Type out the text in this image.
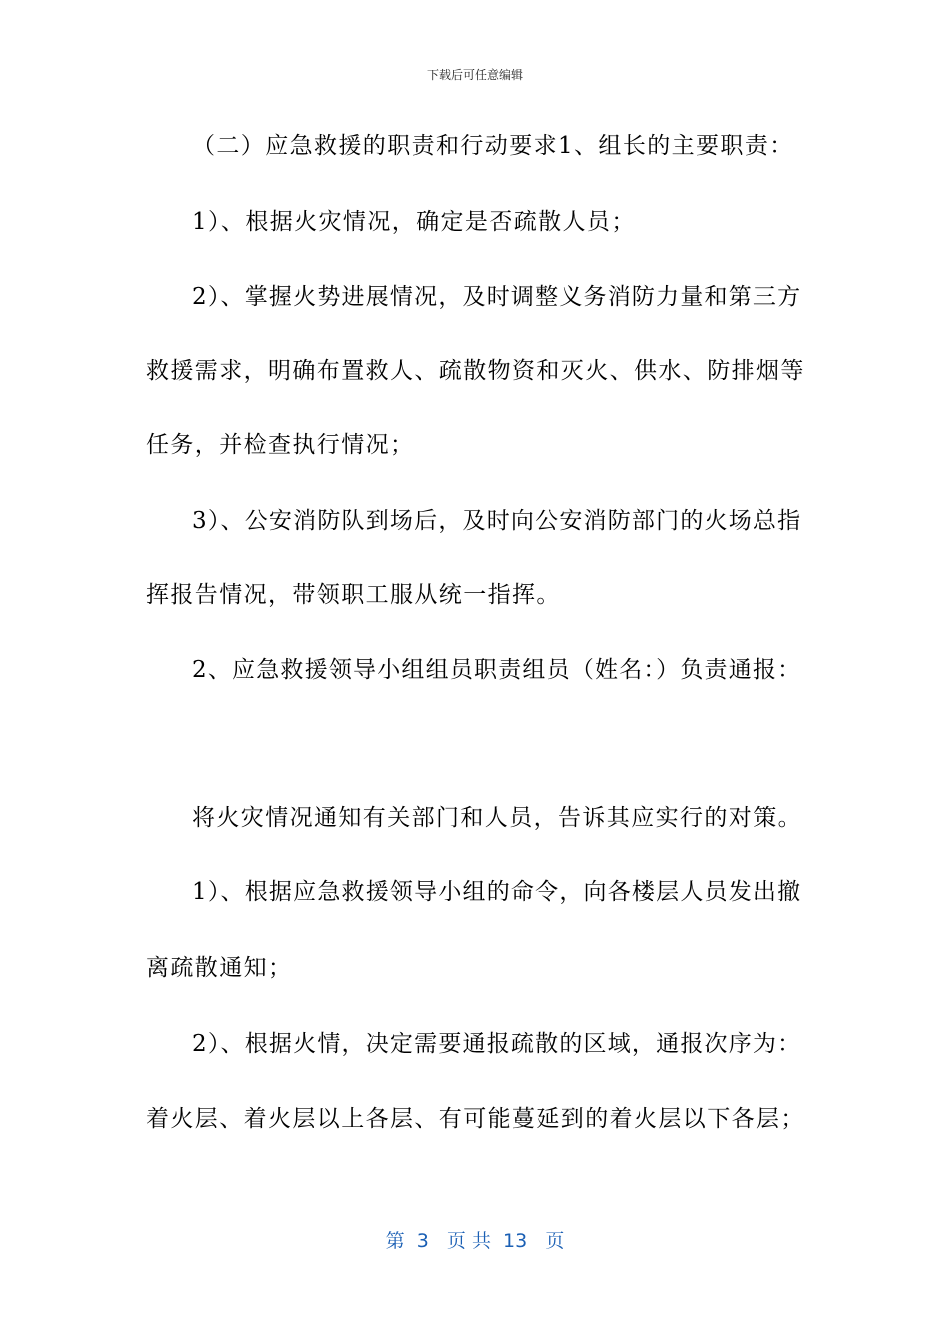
下载后可任意编辑
（二）应急救援的职责和行动要求1、组长的主要职责：
1）、根据火灾情况，确定是否疏散人员；
2）、掌握火势进展情况，及时调整义务消防力量和第三方
救援需求，明确布置救人、疏散物资和灭火、供水、防排烟等
任务，并检查执行情况；
3）、公安消防队到场后，及时向公安消防部门的火场总指
挥报告情况，带领职工服从统一指挥。
2、应急救援领导小组组员职责组员（姓名：）负责通报：
将火灾情况通知有关部门和人员，告诉其应实行的对策。
1）、根据应急救援领导小组的命令，向各楼层人员发出撤
离疏散通知；
2）、根据火情，决定需要通报疏散的区域，通报次序为：
着火层、着火层以上各层、有可能蔓延到的着火层以下各层；
第  3   页 共  13   页
